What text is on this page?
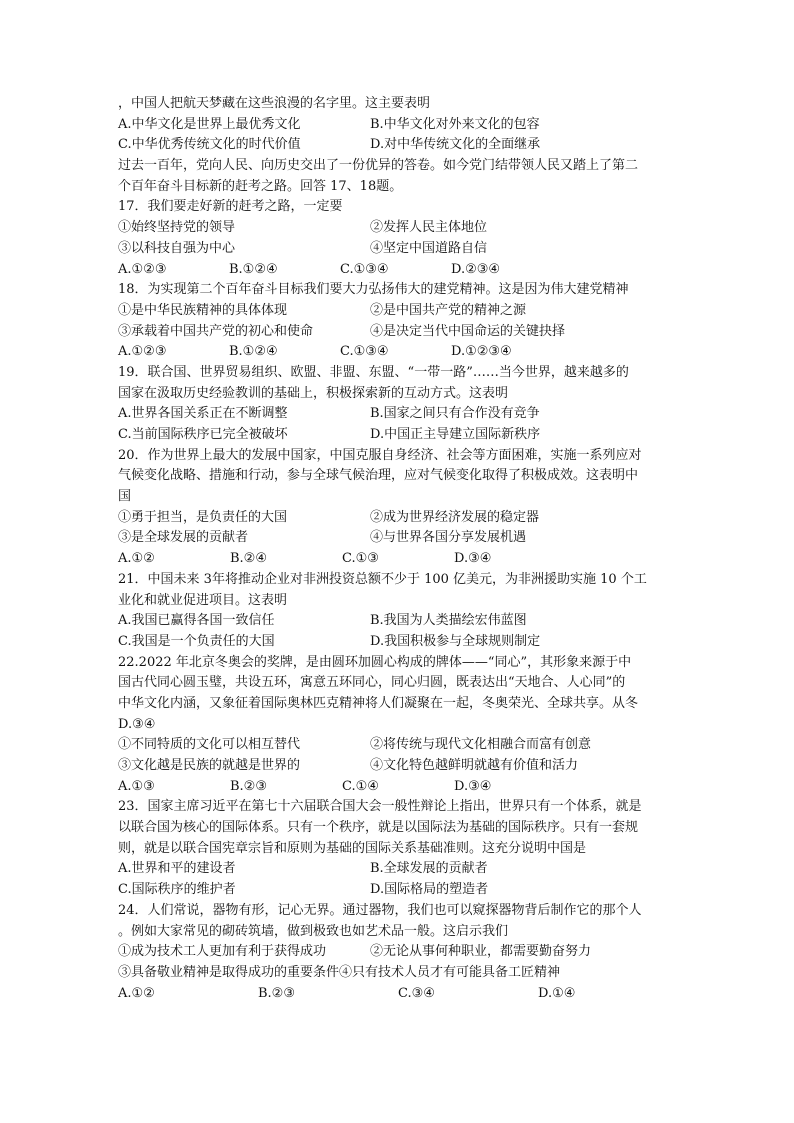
，中国人把航天梦藏在这些浪漫的名字里。这主要表明
A.中华文化是世界上最优秀文化	B.中华文化对外来文化的包容
C.中华优秀传统文化的时代价值	D.对中华传统文化的全面继承
过去一百年，党向人民、向历史交出了一份优异的答卷。如今党门结带领人民又踏上了第二
个百年奋斗目标新的赶考之路。回答 17、18题。
17．我们要走好新的赶考之路，一定要
①始终坚持党的领导	②发挥人民主体地位
③以科技自强为中心	④坚定中国道路自信
A.①②③	B.①②④	C.①③④	D.②③④
18．为实现第二个百年奋斗目标我们要大力弘扬伟大的建党精神。这是因为伟大建党精神
①是中华民族精神的具体体现	②是中国共产党的精神之源
③承载着中国共产党的初心和使命	④是决定当代中国命运的关键抉择
A.①②③	B.①②④	C.①③④	D.①②③④
19．联合国、世界贸易组织、欧盟、非盟、东盟、“一带一路”……当今世界，越来越多的
国家在汲取历史经验教训的基础上，积极探索新的互动方式。这表明
A.世界各国关系正在不断调整	B.国家之间只有合作没有竞争
C.当前国际秩序已完全被破坏	D.中国正主导建立国际新秩序
20．作为世界上最大的发展中国家，中国克服自身经济、社会等方面困难，实施一系列应对
气候变化战略、措施和行动，参与全球气候治理，应对气候变化取得了积极成效。这表明中
国
①勇于担当，是负责任的大国	②成为世界经济发展的稳定器
③是全球发展的贡献者	④与世界各国分享发展机遇
A.①②	B.②④	C.①③	D.③④
21．中国未来 3年将推动企业对非洲投资总额不少于 100 亿美元，为非洲援助实施 10 个工
业化和就业促进项目。这表明
A.我国已赢得各国一致信任	B.我国为人类描绘宏伟蓝图
C.我国是一个负责任的大国	D.我国积极参与全球规则制定
22.2022 年北京冬奥会的奖牌，是由圆环加圆心构成的牌体——“同心”，其形象来源于中
国古代同心圆玉璧，共设五环，寓意五环同心，同心归圆，既表达出“天地合、人心同”的
中华文化内涵，又象征着国际奥林匹克精神将人们凝聚在一起，冬奥荣光、全球共享。从冬
D.③④
①不同特质的文化可以相互替代	②将传统与现代文化相融合而富有创意
③文化越是民族的就越是世界的	④文化特色越鲜明就越有价值和活力
A.①③	B.②③	C.①④	D.③④
23．国家主席习近平在第七十六届联合国大会一般性辩论上指出，世界只有一个体系，就是
以联合国为核心的国际体系。只有一个秩序，就是以国际法为基础的国际秩序。只有一套规
则，就是以联合国宪章宗旨和原则为基础的国际关系基础准则。这充分说明中国是
A.世界和平的建设者	B.全球发展的贡献者
C.国际秩序的维护者	D.国际格局的塑造者
24．人们常说，器物有形，记心无界。通过器物，我们也可以窥探器物背后制作它的那个人
。例如大家常见的砌砖筑墙，做到极致也如艺术品一般。这启示我们
①成为技术工人更加有利于获得成功	②无论从事何种职业，都需要勤奋努力
③具备敬业精神是取得成功的重要条件④只有技术人员才有可能具备工匠精神
A.①②	B.②③	C.③④	D.①④
